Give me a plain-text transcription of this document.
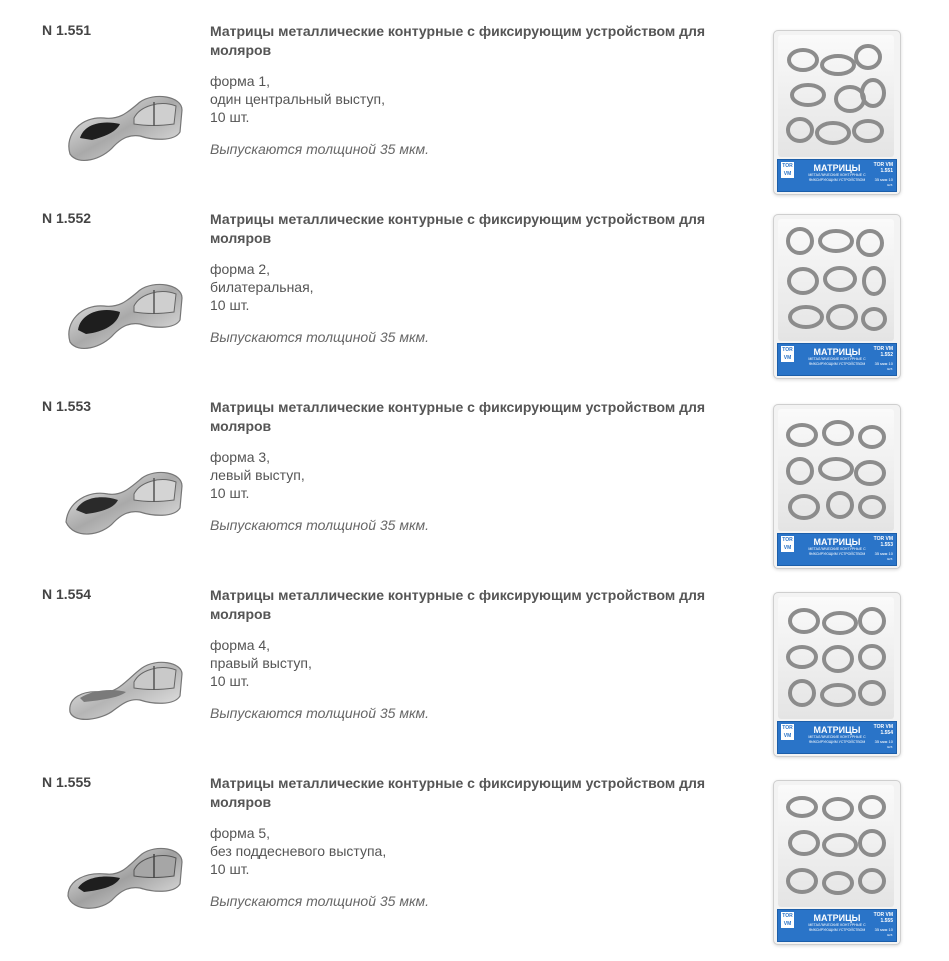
N 1.551	Матрицы металлические контурные с фиксирующим устройством для моляров
форма 1,
один центральный выступ,
10 шт.
Выпускаются толщиной 35 мкм.
TOR VM
МАТРИЦЫ
МЕТАЛЛИЧЕСКИЕ КОНТУРНЫЕ С ФИКСИРУЮЩИМ УСТРОЙСТВОМ
TOR VM 1.551
35 мкм 10 шт.
N 1.552	Матрицы металлические контурные с фиксирующим устройством для моляров
форма 2,
билатеральная,
10 шт.
Выпускаются толщиной 35 мкм.
TOR VM
МАТРИЦЫ
МЕТАЛЛИЧЕСКИЕ КОНТУРНЫЕ С ФИКСИРУЮЩИМ УСТРОЙСТВОМ
TOR VM 1.552
35 мкм 10 шт.
N 1.553	Матрицы металлические контурные с фиксирующим устройством для моляров
форма 3,
левый выступ,
10 шт.
Выпускаются толщиной 35 мкм.
TOR VM
МАТРИЦЫ
МЕТАЛЛИЧЕСКИЕ КОНТУРНЫЕ С ФИКСИРУЮЩИМ УСТРОЙСТВОМ
TOR VM 1.553
35 мкм 10 шт.
N 1.554	Матрицы металлические контурные с фиксирующим устройством для моляров
форма 4,
правый выступ,
10 шт.
Выпускаются толщиной 35 мкм.
TOR VM
МАТРИЦЫ
МЕТАЛЛИЧЕСКИЕ КОНТУРНЫЕ С ФИКСИРУЮЩИМ УСТРОЙСТВОМ
TOR VM 1.554
35 мкм 10 шт.
N 1.555	Матрицы металлические контурные с фиксирующим устройством для моляров
форма 5,
без поддесневого выступа,
10 шт.
Выпускаются толщиной 35 мкм.
TOR VM
МАТРИЦЫ
МЕТАЛЛИЧЕСКИЕ КОНТУРНЫЕ С ФИКСИРУЮЩИМ УСТРОЙСТВОМ
TOR VM 1.555
35 мкм 10 шт.
